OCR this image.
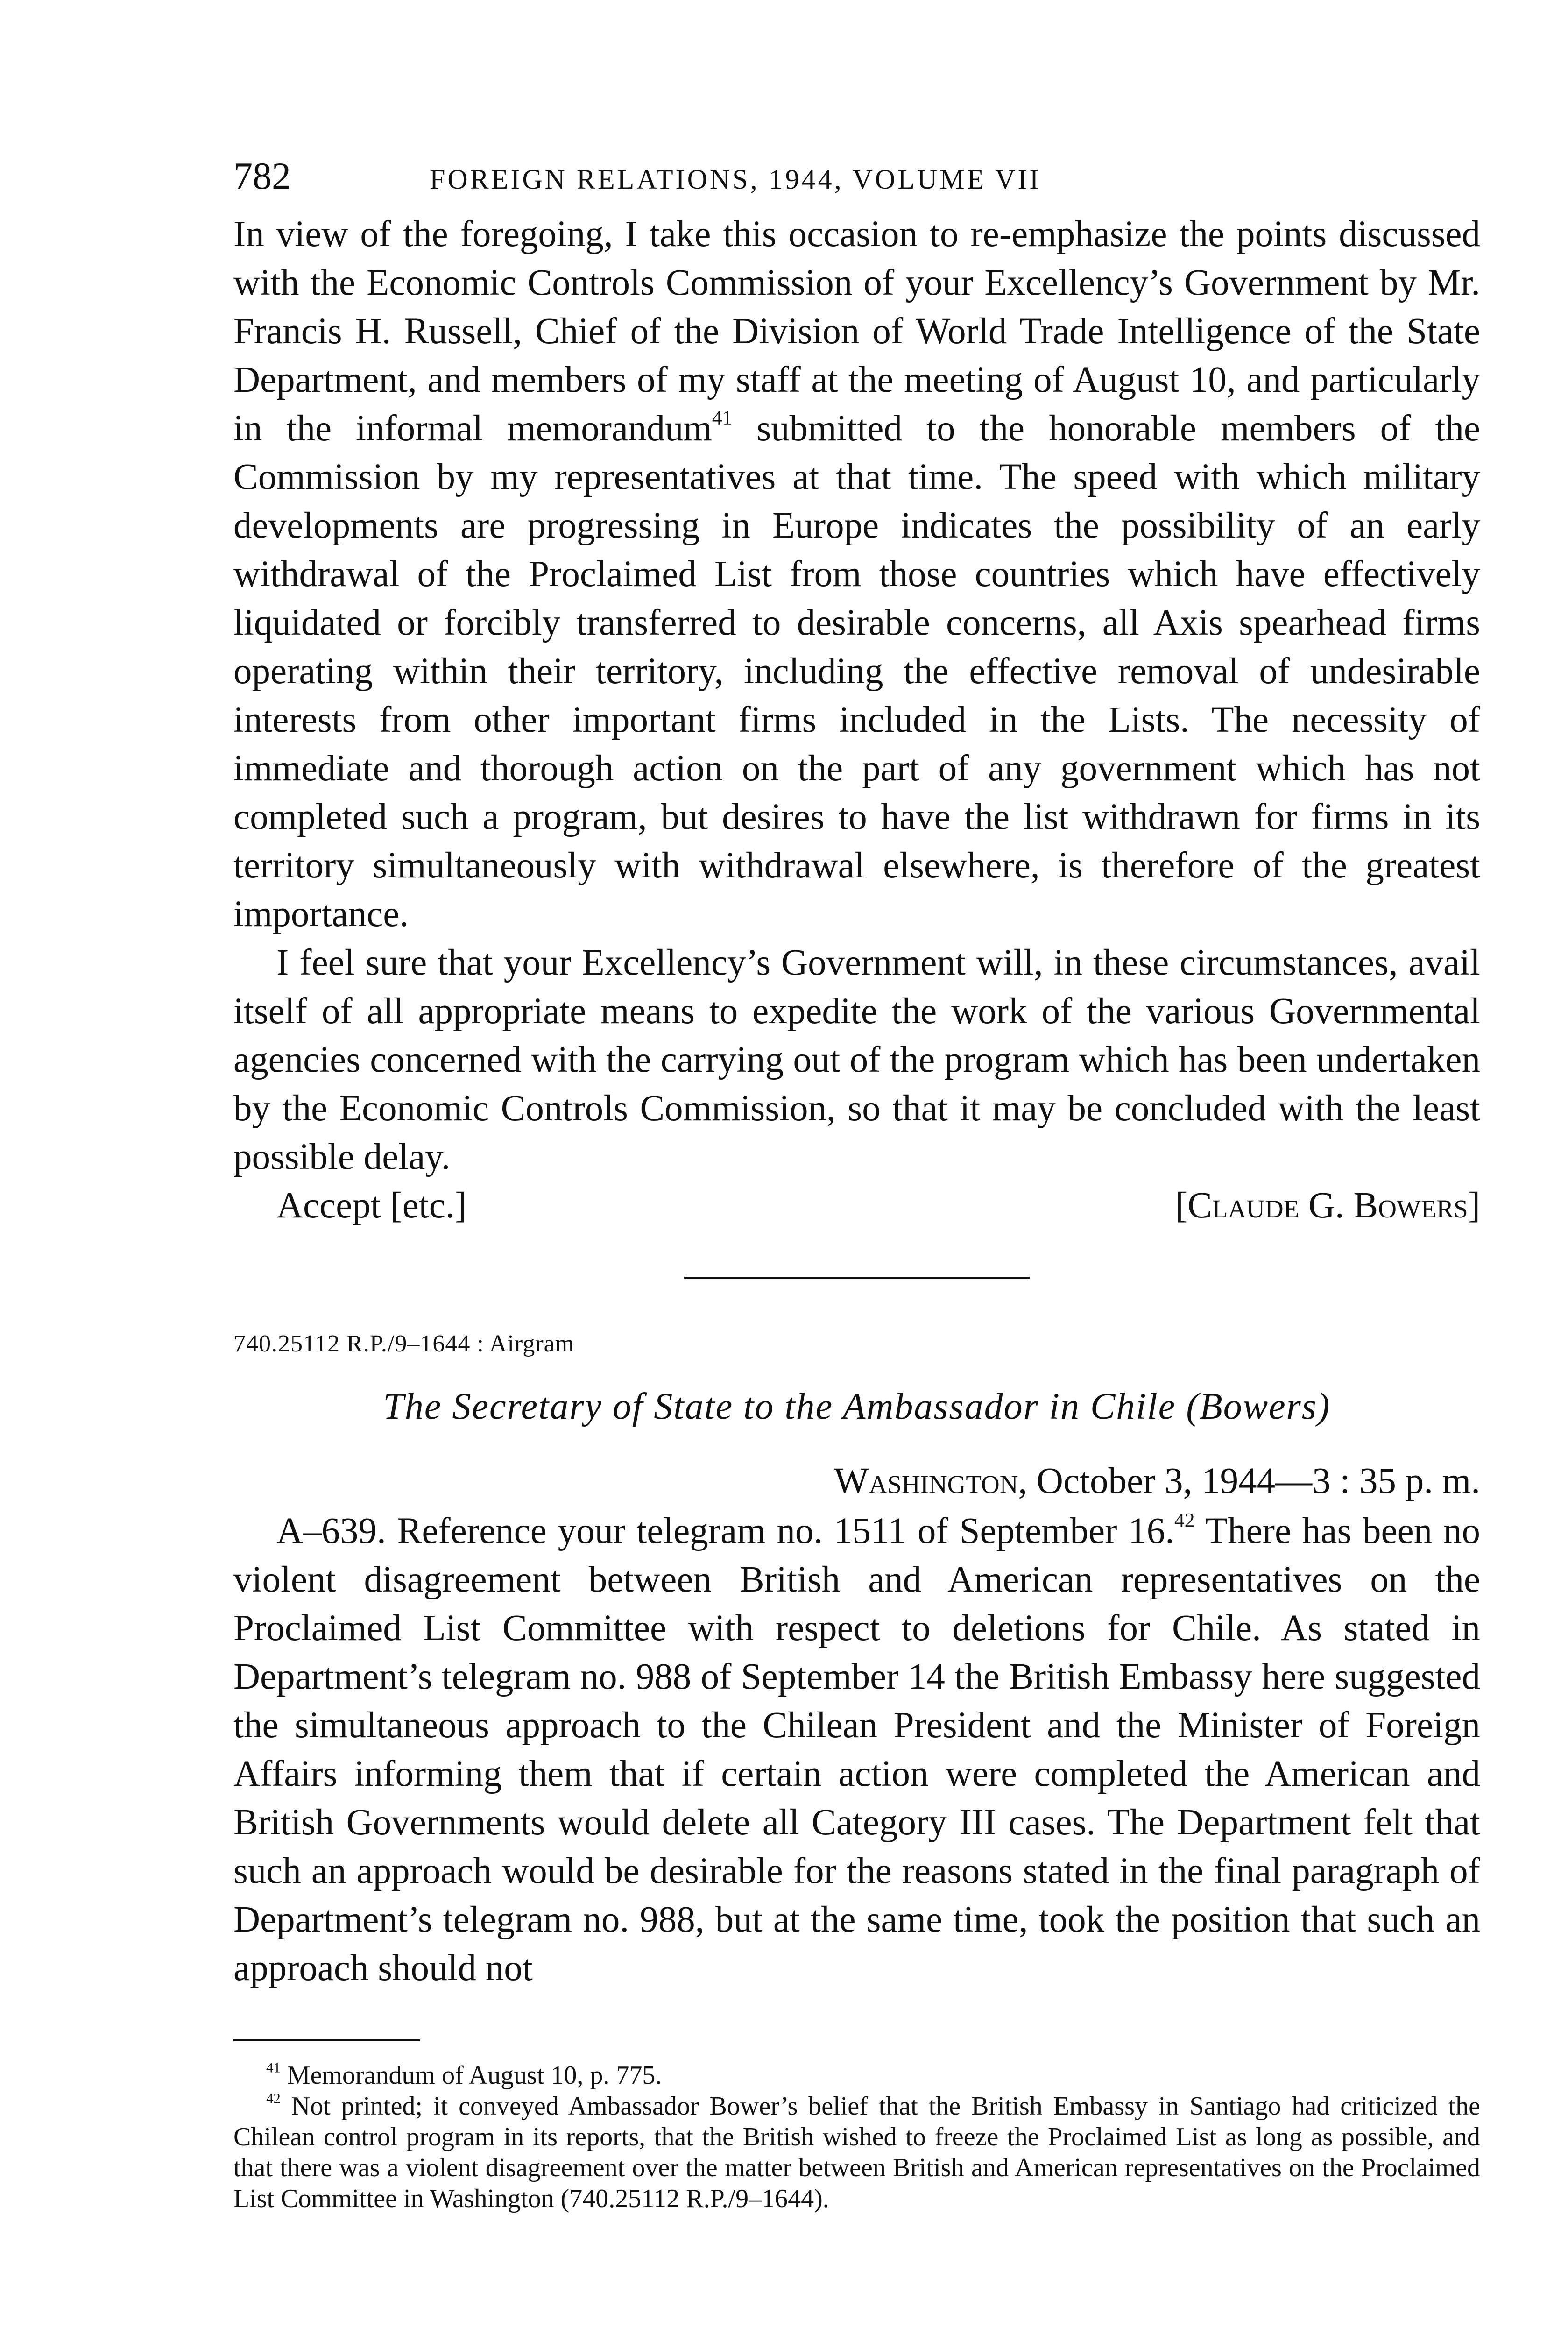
782	FOREIGN RELATIONS, 1944, VOLUME VII

In view of the foregoing, I take this occasion to re-emphasize the points discussed with the Economic Controls Commission of your Excellency’s Government by Mr. Francis H. Russell, Chief of the Division of World Trade Intelligence of the State Department, and members of my staff at the meeting of August 10, and particularly in the informal memorandum$^{41}$ submitted to the honorable members of the Commission by my representatives at that time. The speed with which military developments are progressing in Europe indicates the possibility of an early withdrawal of the Proclaimed List from those countries which have effectively liquidated or forcibly transferred to desirable concerns, all Axis spearhead firms operating within their territory, including the effective removal of undesirable interests from other important firms included in the Lists. The necessity of immediate and thorough action on the part of any government which has not completed such a program, but desires to have the list withdrawn for firms in its territory simultaneously with withdrawal elsewhere, is therefore of the greatest importance.

I feel sure that your Excellency’s Government will, in these circumstances, avail itself of all appropriate means to expedite the work of the various Governmental agencies concerned with the carrying out of the program which has been undertaken by the Economic Controls Commission, so that it may be concluded with the least possible delay.

Accept [etc.]	[Claude G. Bowers]
740.25112 R.P./9–1644 : Airgram
The Secretary of State to the Ambassador in Chile (Bowers)
Washington, October 3, 1944—3 : 35 p. m.

A–639. Reference your telegram no. 1511 of September 16.42 There has been no violent disagreement between British and American representatives on the Proclaimed List Committee with respect to deletions for Chile. As stated in Department’s telegram no. 988 of September 14 the British Embassy here suggested the simultaneous approach to the Chilean President and the Minister of Foreign Affairs informing them that if certain action were completed the American and British Governments would delete all Category III cases. The Department felt that such an approach would be desirable for the reasons stated in the final paragraph of Department’s telegram no. 988, but at the same time, took the position that such an approach should not

$^{41}$ Memorandum of August 10, p. 775.

$^{42}$ Not printed; it conveyed Ambassador Bower’s belief that the British Embassy in Santiago had criticized the Chilean control program in its reports, that the British wished to freeze the Proclaimed List as long as possible, and that there was a violent disagreement over the matter between British and American representatives on the Proclaimed List Committee in Washington (740.25112 R.P./9–1644).
